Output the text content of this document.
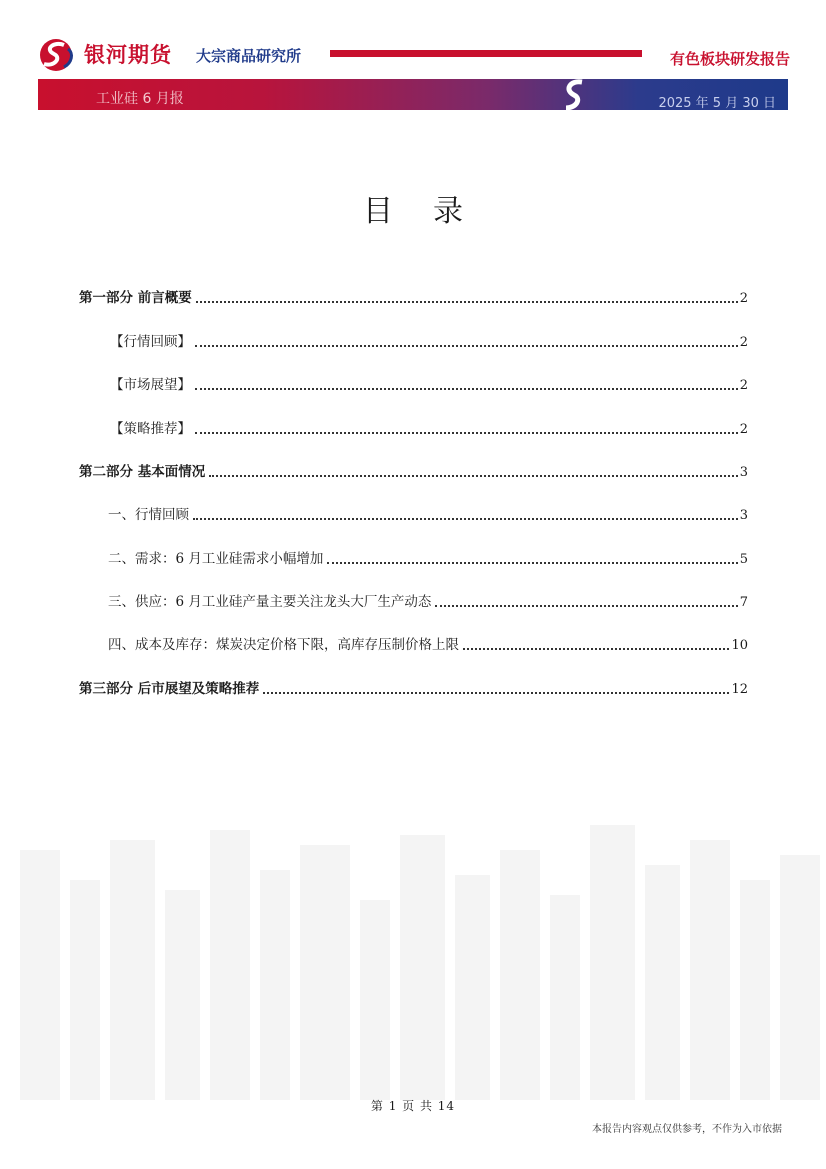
银河期货 大宗商品研究所	有色板块研发报告
工业硅 6 月报	2025 年 5 月 30 日
目录
第一部分 前言概要	2
【行情回顾】	2
【市场展望】	2
【策略推荐】	2
第二部分 基本面情况	3
一、行情回顾	3
二、需求：6 月工业硅需求小幅增加	5
三、供应：6 月工业硅产量主要关注龙头大厂生产动态	7
四、成本及库存：煤炭决定价格下限，高库存压制价格上限	10
第三部分 后市展望及策略推荐	12
第 1 页 共 14
本报告内容观点仅供参考，不作为入市依据
